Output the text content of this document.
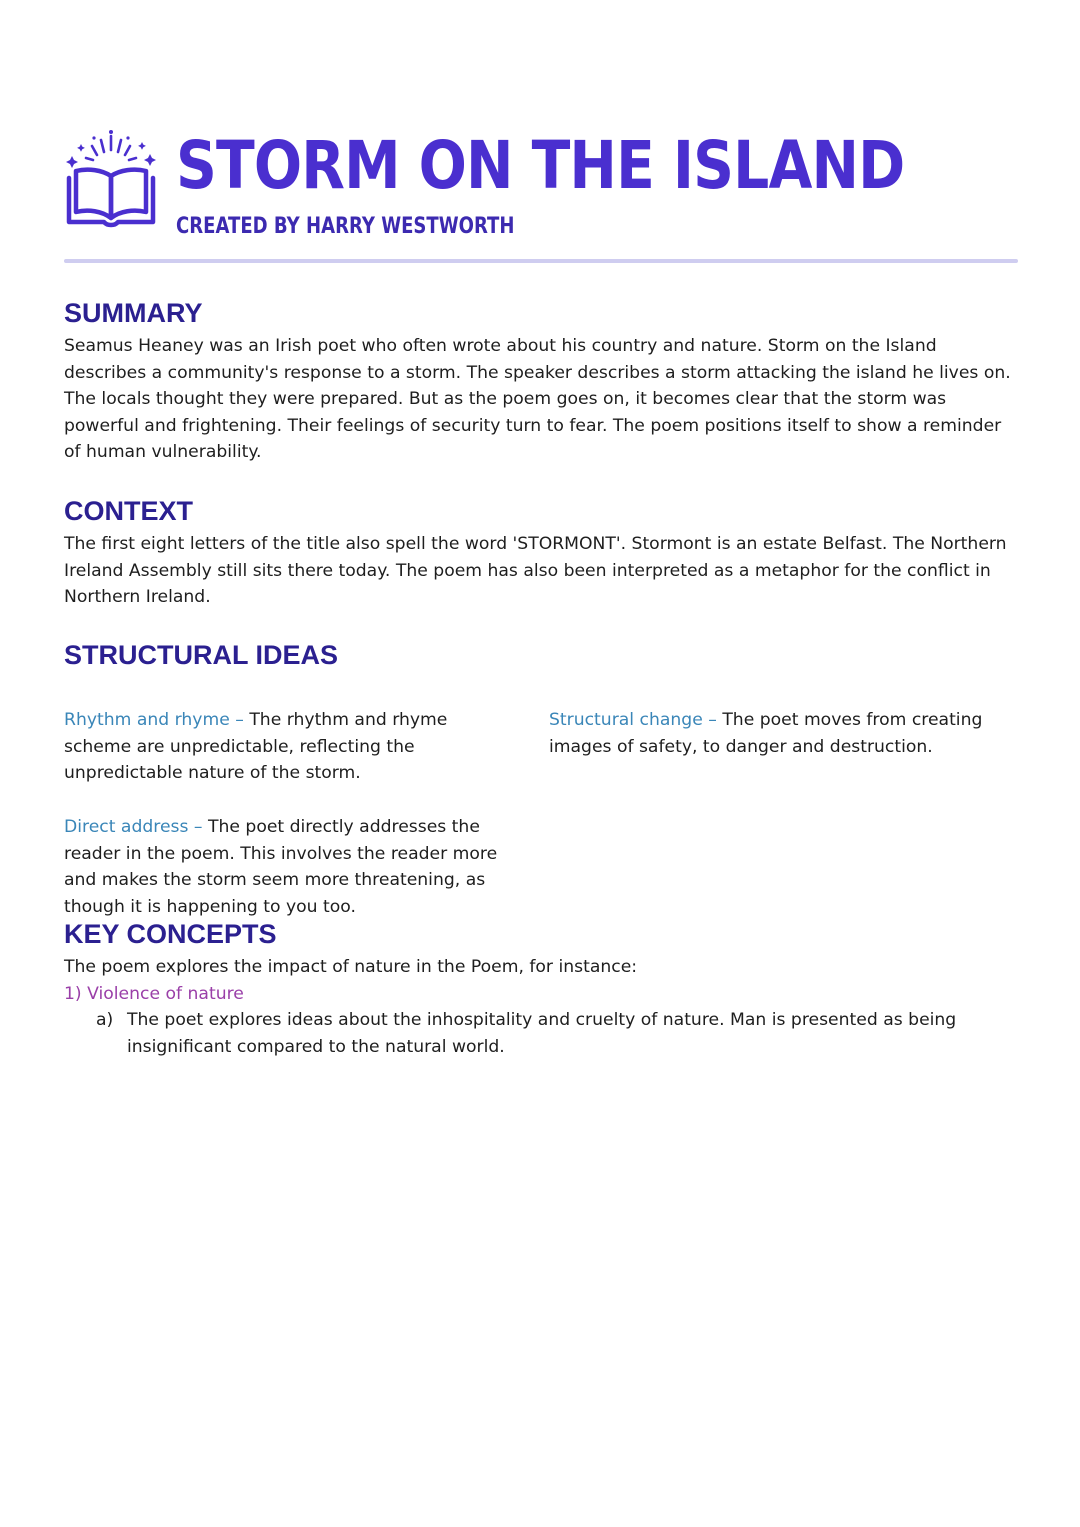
STORM ON THE ISLAND
CREATED BY HARRY WESTWORTH
SUMMARY

Seamus Heaney was an Irish poet who often wrote about his country and nature. Storm on the Island describes a community's response to a storm. The speaker describes a storm attacking the island he lives on. The locals thought they were prepared. But as the poem goes on, it becomes clear that the storm was powerful and frightening. Their feelings of security turn to fear. The poem positions itself to show a reminder of human vulnerability.

CONTEXT

The first eight letters of the title also spell the word 'STORMONT'. Stormont is an estate Belfast. The Northern Ireland Assembly still sits there today. The poem has also been interpreted as a metaphor for the conflict in Northern Ireland.

STRUCTURAL IDEAS
Rhythm and rhyme – The rhythm and rhyme scheme are unpredictable, reflecting the unpredictable nature of the storm.
Structural change – The poet moves from creating images of safety, to danger and destruction.
Direct address – The poet directly addresses the reader in the poem. This involves the reader more and makes the storm seem more threatening, as though it is happening to you too.
KEY CONCEPTS

The poem explores the impact of nature in the Poem, for instance:

1) Violence of nature

a) The poet explores ideas about the inhospitality and cruelty of nature. Man is presented as being insignificant compared to the natural world.
